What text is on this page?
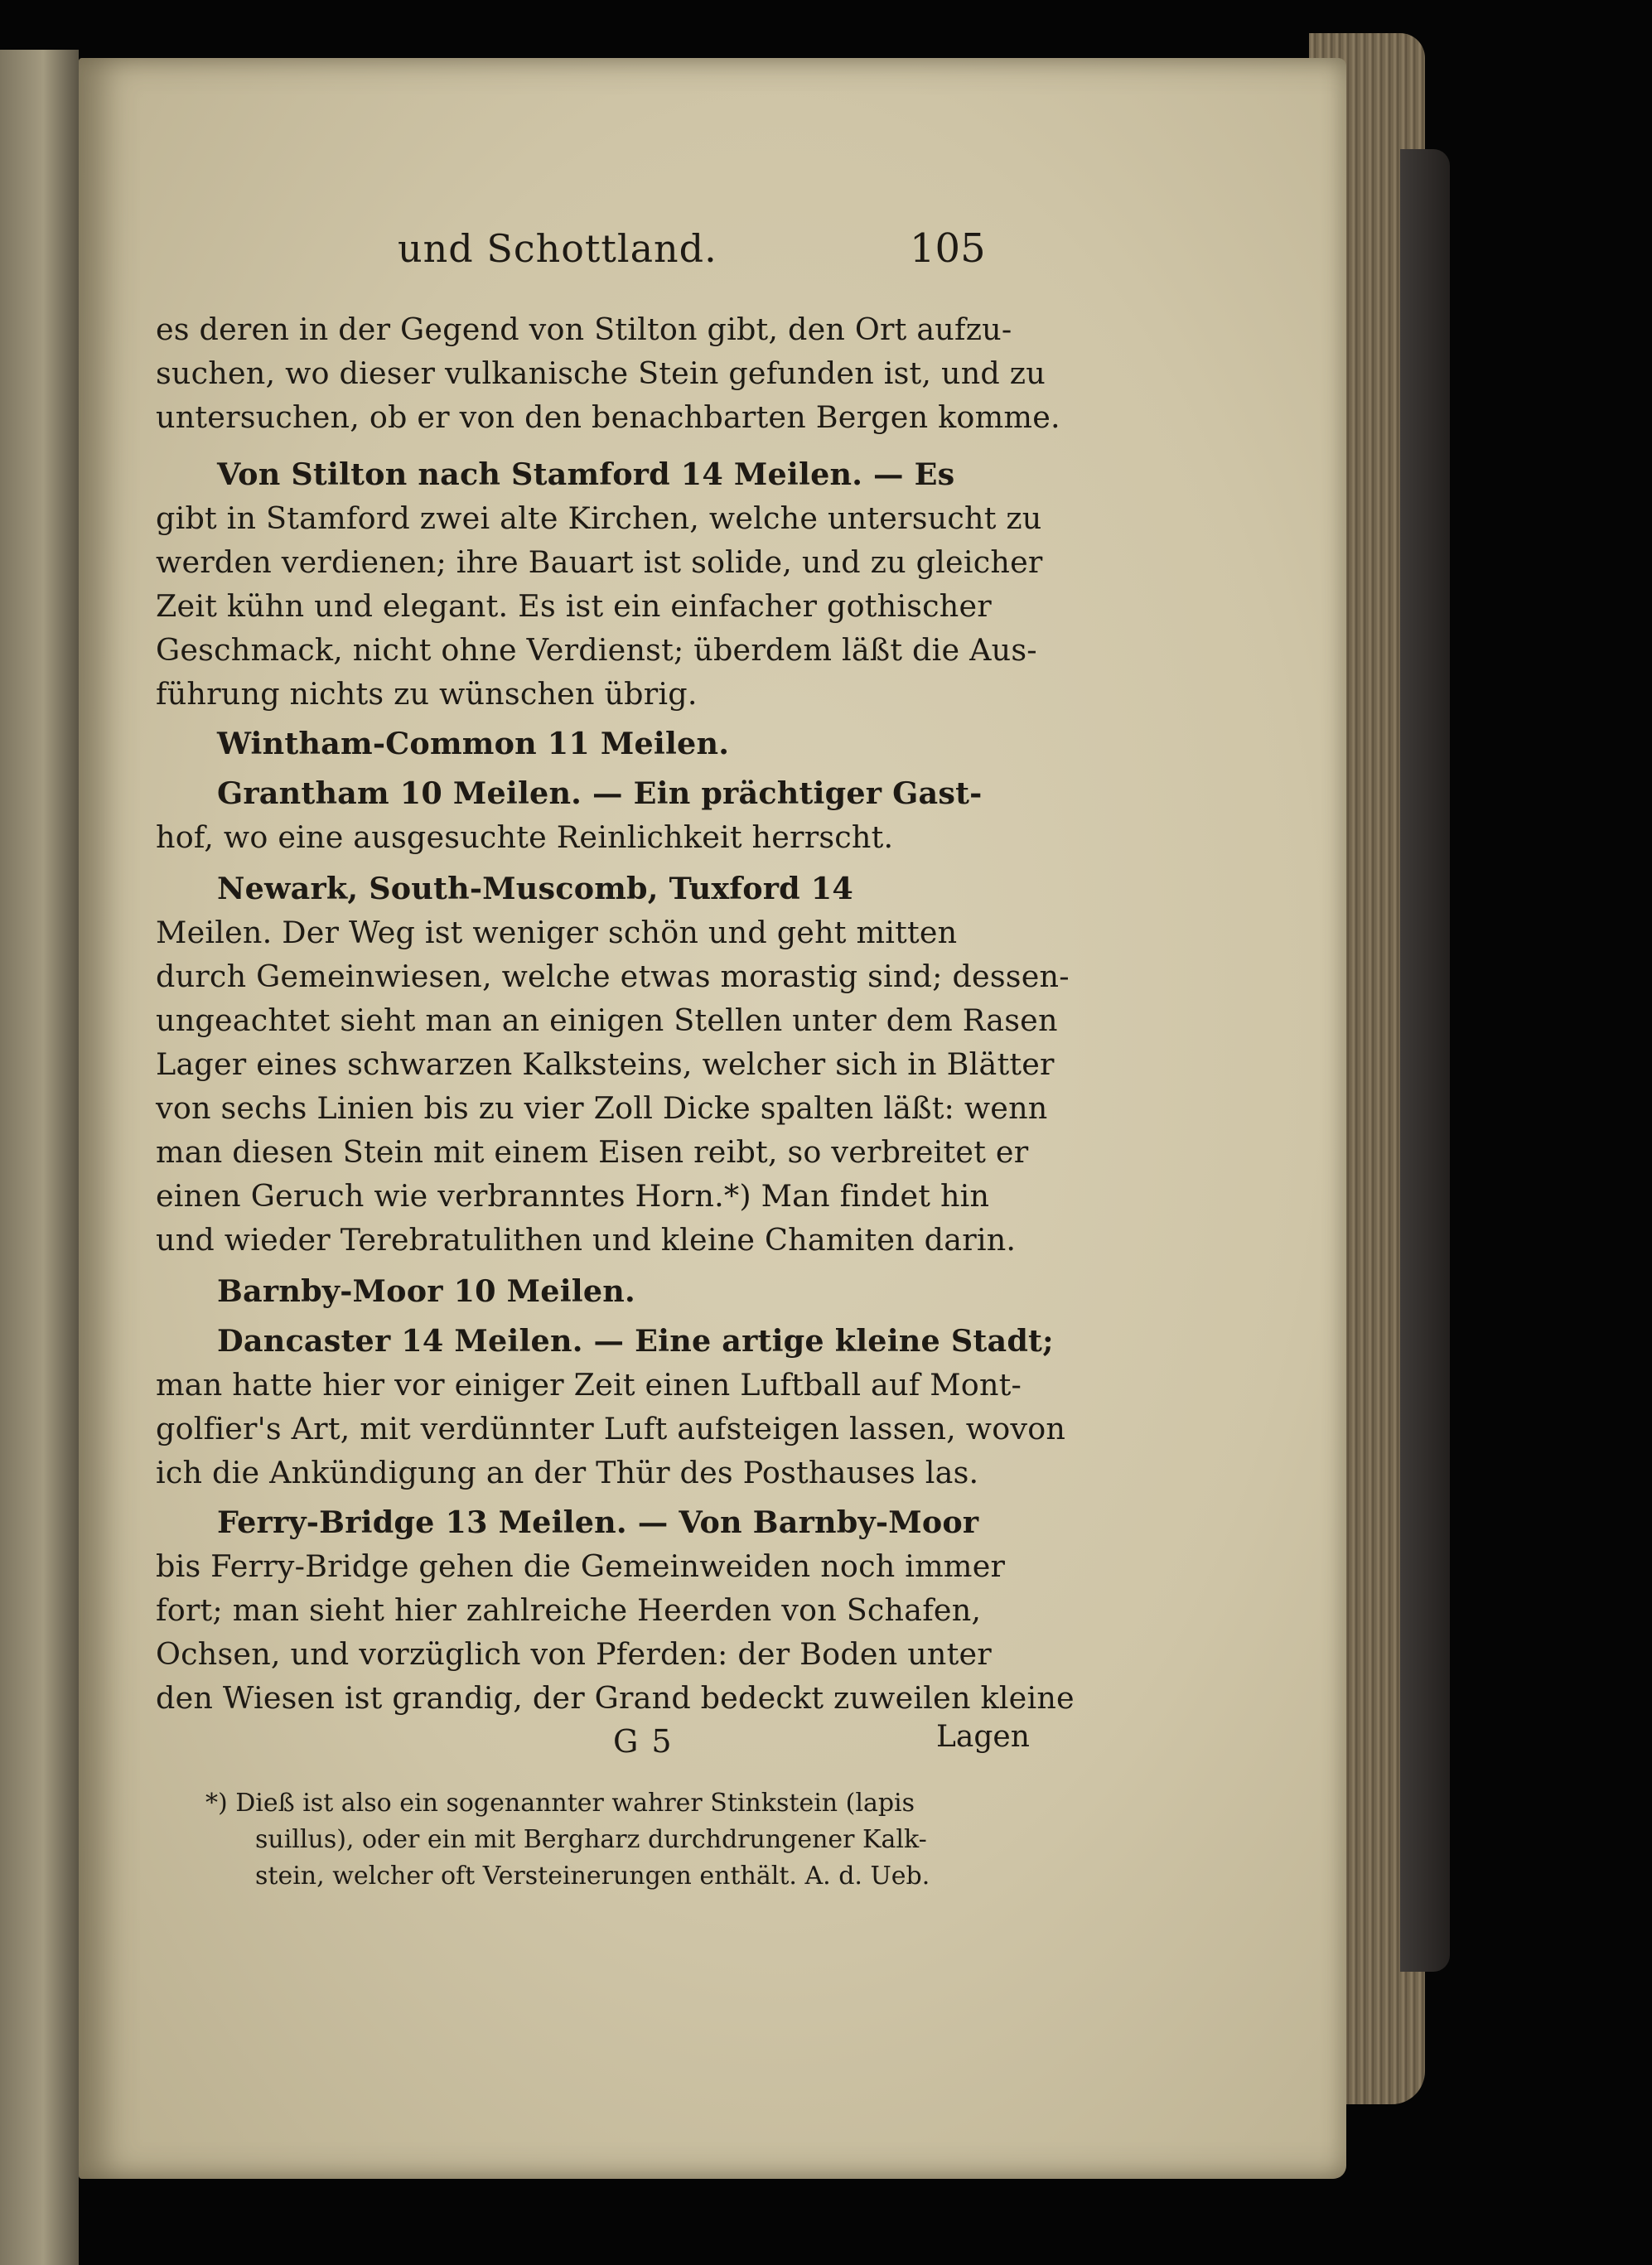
und Schottland.	105
es deren in der Gegend von Stilton gibt, den Ort aufzu-
suchen, wo dieser vulkanische Stein gefunden ist, und zu
untersuchen, ob er von den benachbarten Bergen komme.
Von Stilton nach Stamford 14 Meilen. — Es
gibt in Stamford zwei alte Kirchen, welche untersucht zu
werden verdienen; ihre Bauart ist solide, und zu gleicher
Zeit kühn und elegant. Es ist ein einfacher gothischer
Geschmack, nicht ohne Verdienst; überdem läßt die Aus-
führung nichts zu wünschen übrig.
Wintham-Common 11 Meilen.
Grantham 10 Meilen. — Ein prächtiger Gast-
hof, wo eine ausgesuchte Reinlichkeit herrscht.
Newark, South-Muscomb, Tuxford 14
Meilen. Der Weg ist weniger schön und geht mitten
durch Gemeinwiesen, welche etwas morastig sind; dessen-
ungeachtet sieht man an einigen Stellen unter dem Rasen
Lager eines schwarzen Kalksteins, welcher sich in Blätter
von sechs Linien bis zu vier Zoll Dicke spalten läßt: wenn
man diesen Stein mit einem Eisen reibt, so verbreitet er
einen Geruch wie verbranntes Horn.*) Man findet hin
und wieder Terebratulithen und kleine Chamiten darin.
Barnby-Moor 10 Meilen.
Dancaster 14 Meilen. — Eine artige kleine Stadt;
man hatte hier vor einiger Zeit einen Luftball auf Mont-
golfier's Art, mit verdünnter Luft aufsteigen lassen, wovon
ich die Ankündigung an der Thür des Posthauses las.
Ferry-Bridge 13 Meilen. — Von Barnby-Moor
bis Ferry-Bridge gehen die Gemeinweiden noch immer
fort; man sieht hier zahlreiche Heerden von Schafen,
Ochsen, und vorzüglich von Pferden: der Boden unter
den Wiesen ist grandig, der Grand bedeckt zuweilen kleine
G 5	Lagen
*) Dieß ist also ein sogenannter wahrer Stinkstein (lapis
suillus), oder ein mit Bergharz durchdrungener Kalk-
stein, welcher oft Versteinerungen enthält. A. d. Ueb.
